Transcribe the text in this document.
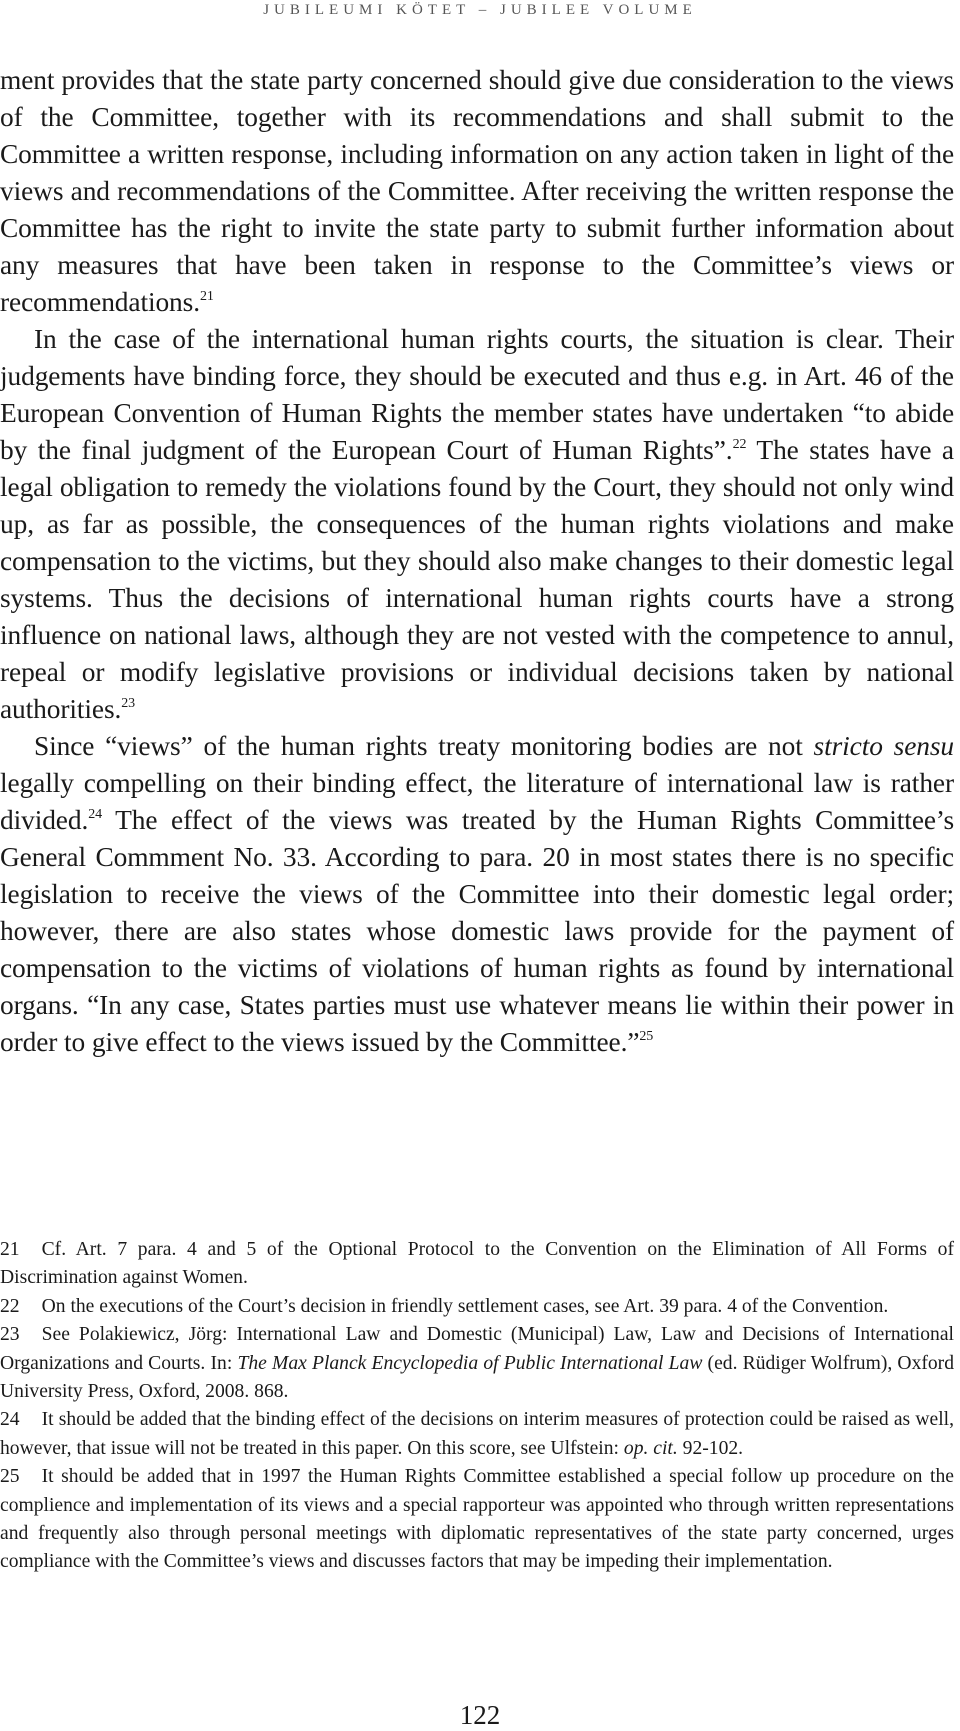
JUBILEUMI KÖTET – JUBILEE VOLUME

ment provides that the state party concerned should give due consideration to the views of the Committee, together with its recommendations and shall submit to the Committee a written response, including information on any action taken in light of the views and recommendations of the Committee. After receiving the written response the Committee has the right to invite the state party to submit further information about any measures that have been taken in response to the Committee’s views or recommendations.$^{21}$

In the case of the international human rights courts, the situation is clear. Their judgements have binding force, they should be executed and thus e.g. in Art. 46 of the European Convention of Human Rights the member states have undertaken “to abide by the final judgment of the European Court of Human Rights”.$^{22}$ The states have a legal obligation to remedy the violations found by the Court, they should not only wind up, as far as possible, the consequences of the human rights violations and make compensation to the victims, but they should also make changes to their domestic legal systems. Thus the decisions of international human rights courts have a strong influence on national laws, although they are not vested with the competence to annul, repeal or modify legislative provisions or individual decisions taken by national authorities.$^{23}$

Since “views” of the human rights treaty monitoring bodies are not stricto sensu legally compelling on their binding effect, the literature of international law is rather divided.$^{24}$ The effect of the views was treated by the Human Rights Committee’s General Commment No. 33. According to para. 20 in most states there is no specific legislation to receive the views of the Committee into their domestic legal order; however, there are also states whose domestic laws provide for the payment of compensation to the victims of violations of human rights as found by international organs. “In any case, States parties must use whatever means lie within their power in order to give effect to the views issued by the Committee.”$^{25}$

21 Cf. Art. 7 para. 4 and 5 of the Optional Protocol to the Convention on the Elimination of All Forms of Discrimination against Women.

22 On the executions of the Court’s decision in friendly settlement cases, see Art. 39 para. 4 of the Convention.

23 See Polakiewicz, Jörg: International Law and Domestic (Municipal) Law, Law and Decisions of International Organizations and Courts. In: The Max Planck Encyclopedia of Public International Law (ed. Rüdiger Wolfrum), Oxford University Press, Oxford, 2008. 868.

24 It should be added that the binding effect of the decisions on interim measures of protection could be raised as well, however, that issue will not be treated in this paper. On this score, see Ulfstein: op. cit. 92-102.

25 It should be added that in 1997 the Human Rights Committee established a special follow up procedure on the complience and implementation of its views and a special rapporteur was appointed who through written representations and frequently also through personal meetings with diplomatic representatives of the state party concerned, urges compliance with the Committee’s views and discusses factors that may be impeding their implementation.

122
